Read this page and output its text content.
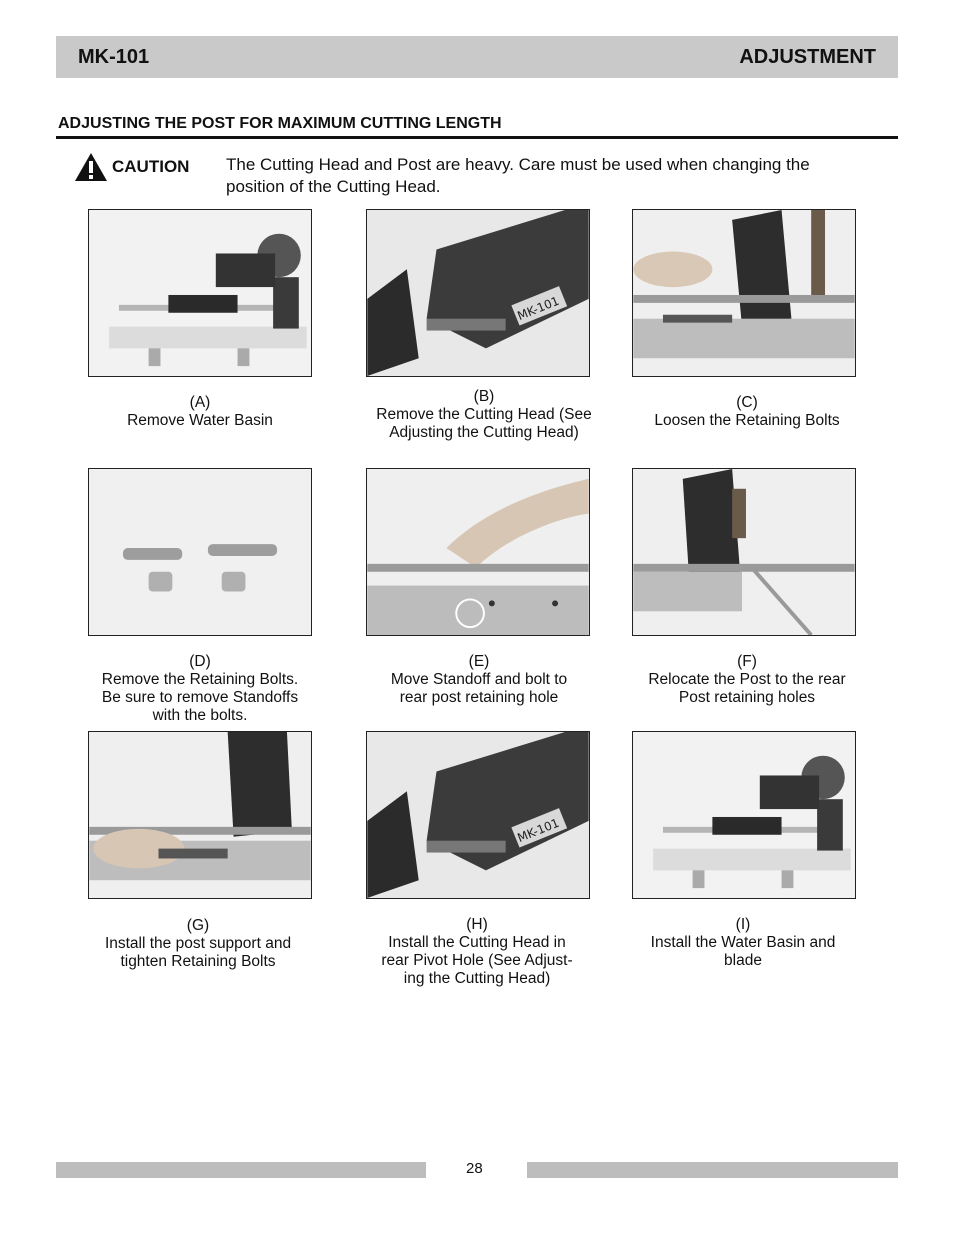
MK-101	ADJUSTMENT
ADJUSTING THE POST FOR MAXIMUM CUTTING LENGTH
CAUTION The Cutting Head and Post are heavy. Care must be used when changing the
position of the Cutting Head.
MK-101
(A)
Remove Water Basin
(B)
Remove the Cutting Head (See
Adjusting the Cutting Head)
(C)
Loosen the Retaining Bolts
(D)
Remove the Retaining Bolts.
Be sure to remove Standoffs
with the bolts.
(E)
Move Standoff and bolt to
rear post retaining hole
(F)
Relocate the Post to the rear
Post retaining holes
MK-101
(G)
Install the post support and
tighten Retaining Bolts
(H)
Install the Cutting Head in
rear Pivot Hole (See Adjust-
ing the Cutting Head)
(I)
Install the Water Basin and
blade
28
